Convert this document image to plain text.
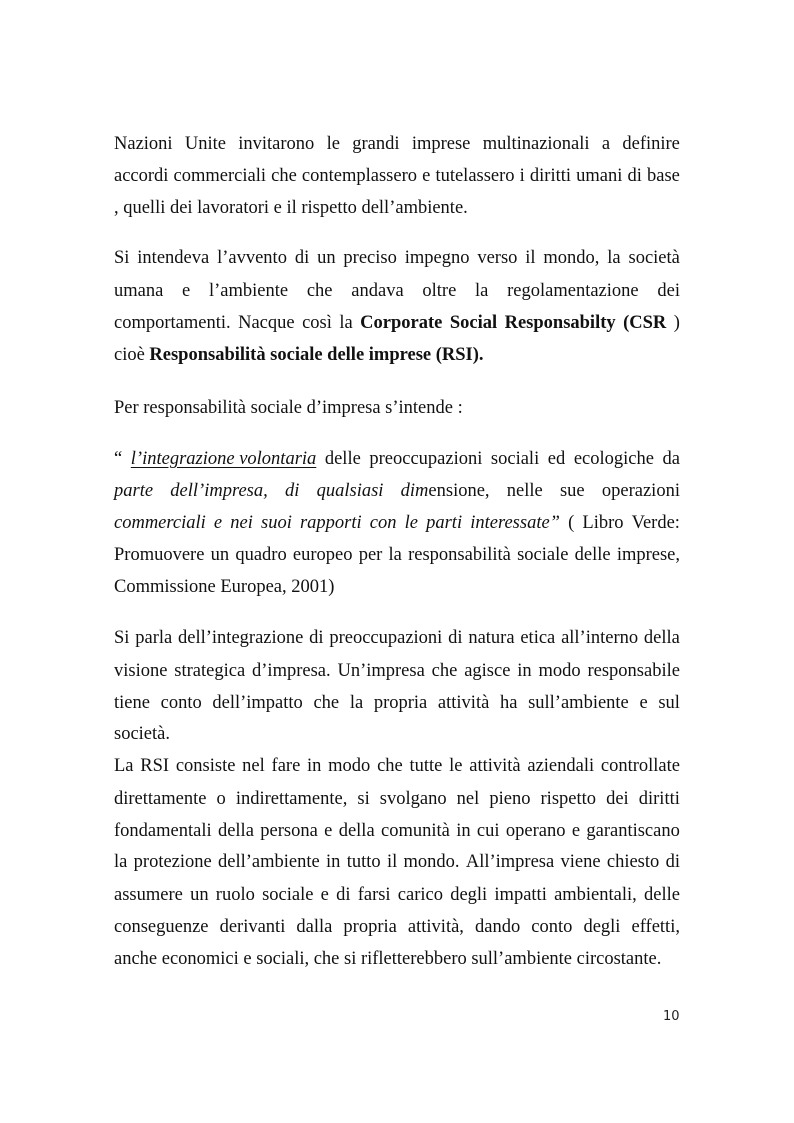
Nazioni Unite invitarono le grandi imprese multinazionali a definire
accordi commerciali che contemplassero e tutelassero i diritti umani di base
, quelli dei lavoratori e il rispetto dell’ambiente.
Si intendeva l’avvento di un preciso impegno verso il mondo, la società
umana e l’ambiente che andava oltre la regolamentazione dei
comportamenti. Nacque così la Corporate Social Responsabilty (CSR )
cioè Responsabilità sociale delle imprese (RSI).
Per responsabilità sociale d’impresa s’intende :
“ l’integrazione volontaria delle preoccupazioni sociali ed ecologiche da
parte dell’impresa, di qualsiasi dimensione, nelle sue operazioni
commerciali e nei suoi rapporti con le parti interessate” ( Libro Verde:
Promuovere un quadro europeo per la responsabilità sociale delle imprese,
Commissione Europea, 2001)
Si parla dell’integrazione di preoccupazioni di natura etica all’interno della
visione strategica d’impresa. Un’impresa che agisce in modo responsabile
tiene conto dell’impatto che la propria attività ha sull’ambiente e sul
società.
La RSI consiste nel fare in modo che tutte le attività aziendali controllate
direttamente o indirettamente, si svolgano nel pieno rispetto dei diritti
fondamentali della persona e della comunità in cui operano e garantiscano
la protezione dell’ambiente in tutto il mondo. All’impresa viene chiesto di
assumere un ruolo sociale e di farsi carico degli impatti ambientali, delle
conseguenze derivanti dalla propria attività, dando conto degli effetti,
anche economici e sociali, che si rifletterebbero sull’ambiente circostante.
10
